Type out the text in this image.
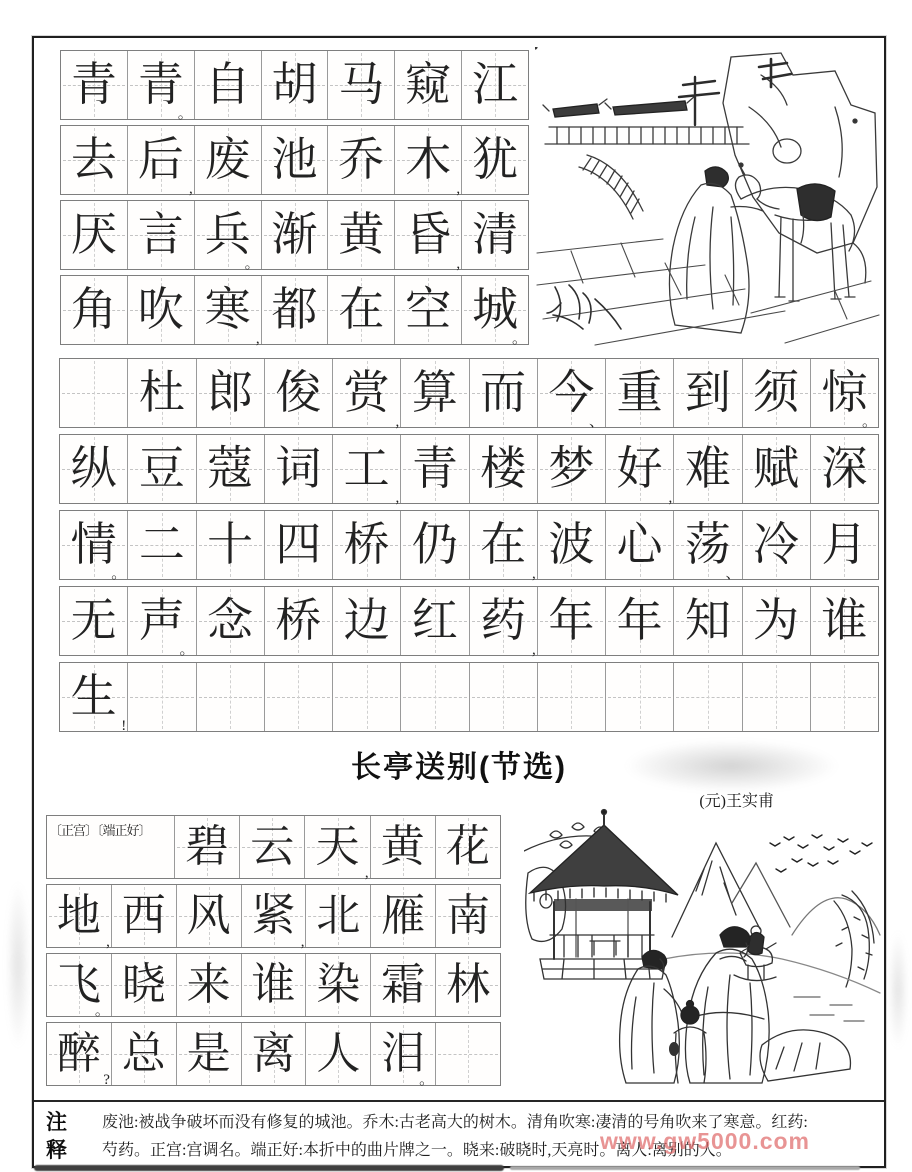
青 青
。
自 胡 马 窥 江
去 后
,
废 池 乔 木
,
犹
厌 言 兵
。
渐 黄 昏
,
清
角 吹 寒
,
都 在 空 城
。
杜 郎 俊 赏
,
算 而 今
、
重 到 须 惊
。
纵 豆 蔻 词 工
,
青 楼 梦 好
,
难 赋 深
情
。
二 十 四 桥 仍 在
,
波 心 荡
、
冷 月
无 声
。
念 桥 边 红 药
,
年 年 知 为 谁
生
!
长亭送别(节选)
(元)王实甫
〔正宫〕〔端正好〕 碧 云 天
,
黄 花
地
,
西 风 紧
,
北 雁 南
飞
。
晓 来 谁 染 霜 林
醉
?
总 是 离 人 泪
。
注
释
废池:被战争破坏而没有修复的城池。乔木:古老高大的树木。清角吹寒:凄清的号角吹来了寒意。红药:
芍药。正宫:宫调名。端正好:本折中的曲片牌之一。晓来:破晓时,天亮时。离人:离别的人。
www.gw5000.com
